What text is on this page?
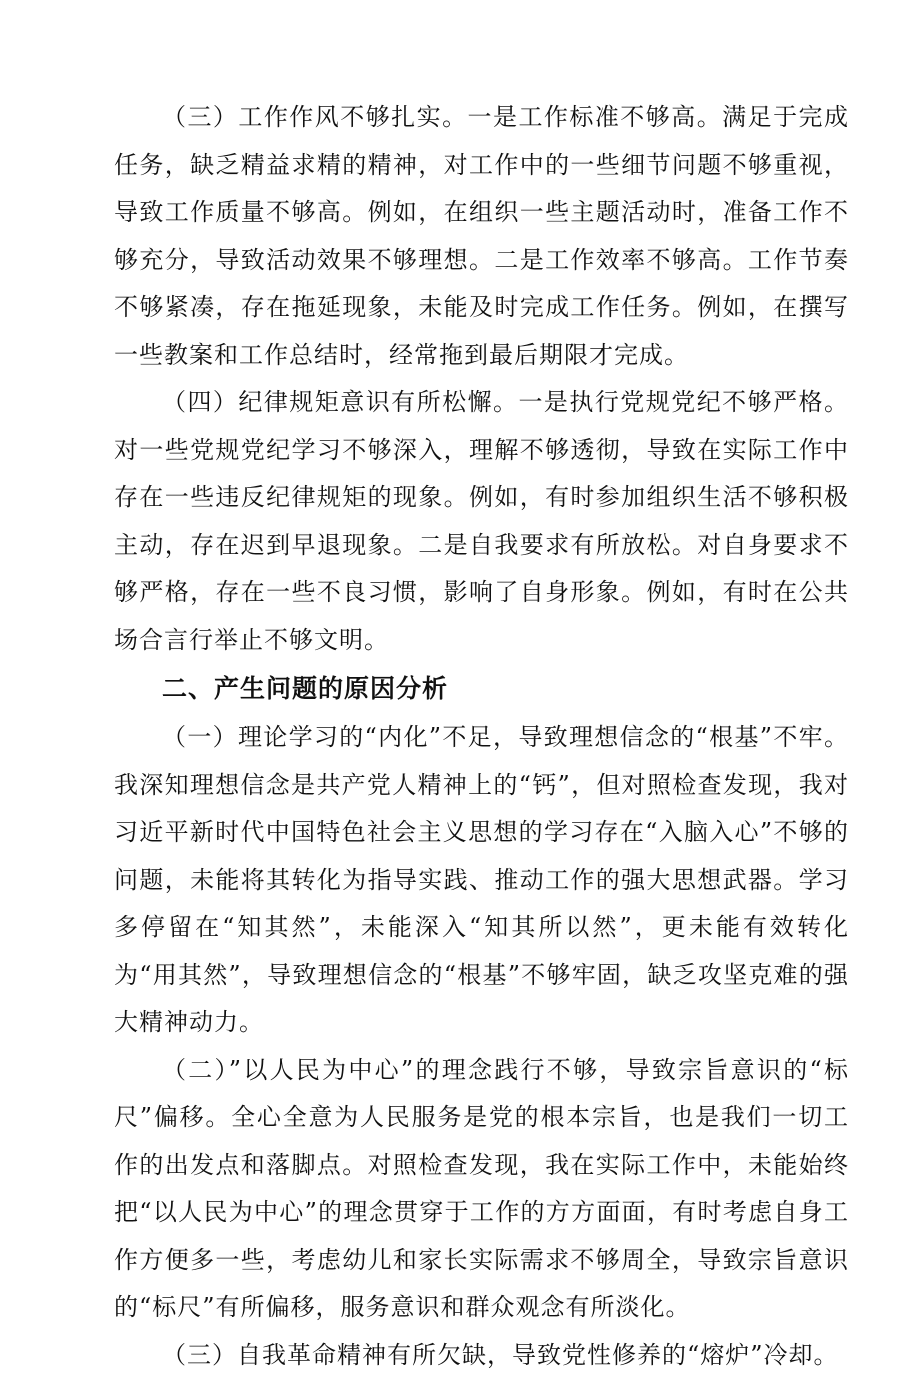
（三）工作作风不够扎实。一是工作标准不够高。满足于完成任务，缺乏精益求精的精神，对工作中的一些细节问题不够重视，导致工作质量不够高。例如，在组织一些主题活动时，准备工作不够充分，导致活动效果不够理想。二是工作效率不够高。工作节奏不够紧凑，存在拖延现象，未能及时完成工作任务。例如，在撰写一些教案和工作总结时，经常拖到最后期限才完成。

（四）纪律规矩意识有所松懈。一是执行党规党纪不够严格。对一些党规党纪学习不够深入，理解不够透彻，导致在实际工作中存在一些违反纪律规矩的现象。例如，有时参加组织生活不够积极主动，存在迟到早退现象。二是自我要求有所放松。对自身要求不够严格，存在一些不良习惯，影响了自身形象。例如，有时在公共场合言行举止不够文明。

二、产生问题的原因分析

（一）理论学习的“内化”不足，导致理想信念的“根基”不牢。我深知理想信念是共产党人精神上的“钙”，但对照检查发现，我对习近平新时代中国特色社会主义思想的学习存在“入脑入心”不够的问题，未能将其转化为指导实践、推动工作的强大思想武器。学习多停留在“知其然”，未能深入“知其所以然”，更未能有效转化为“用其然”，导致理想信念的“根基”不够牢固，缺乏攻坚克难的强大精神动力。

（二）”以人民为中心”的理念践行不够，导致宗旨意识的“标尺”偏移。全心全意为人民服务是党的根本宗旨，也是我们一切工作的出发点和落脚点。对照检查发现，我在实际工作中，未能始终把“以人民为中心”的理念贯穿于工作的方方面面，有时考虑自身工作方便多一些，考虑幼儿和家长实际需求不够周全，导致宗旨意识的“标尺”有所偏移，服务意识和群众观念有所淡化。

（三）自我革命精神有所欠缺，导致党性修养的“熔炉”冷却。
